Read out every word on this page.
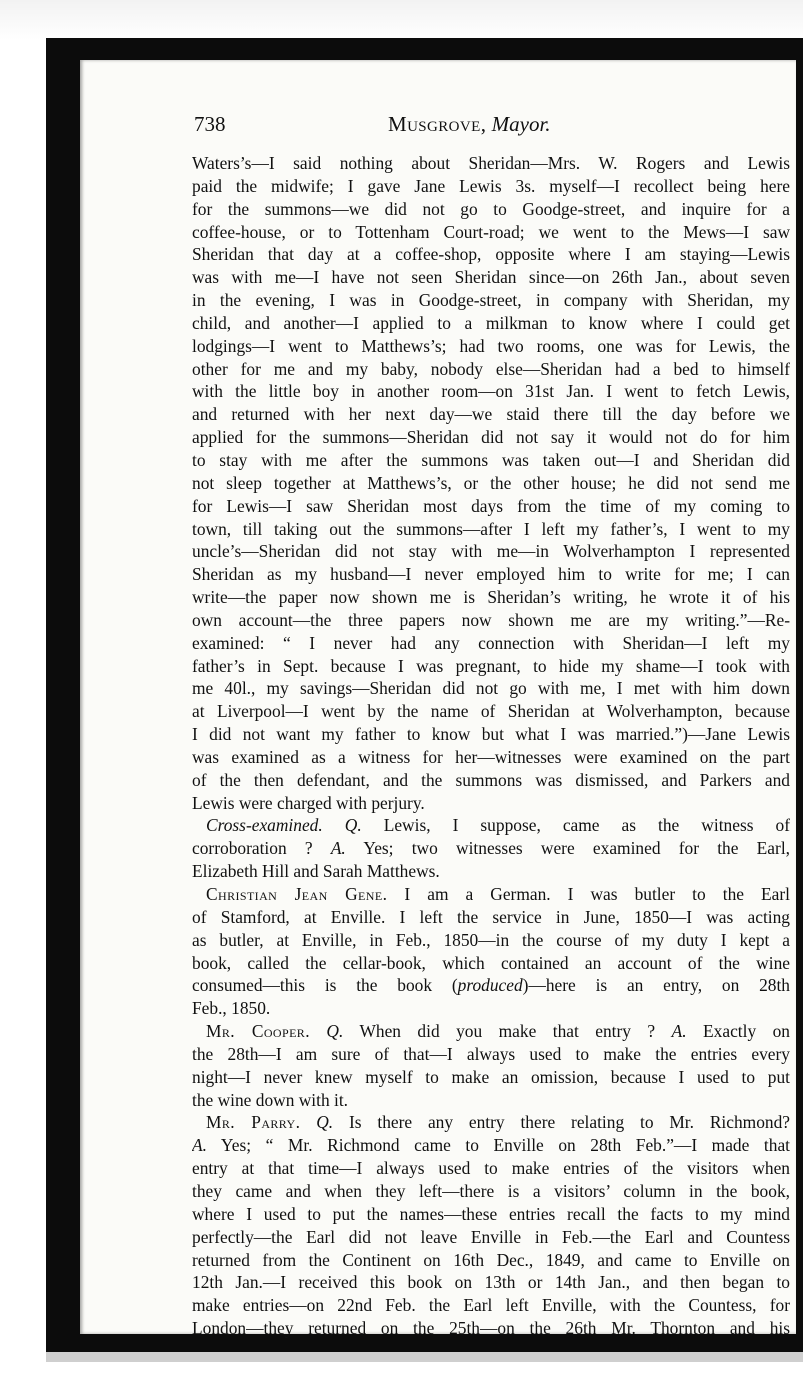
738	Musgrove, Mayor.
Waters’s—I said nothing about Sheridan—Mrs. W. Rogers and Lewis
paid the midwife; I gave Jane Lewis 3s. myself—I recollect being here
for the summons—we did not go to Goodge-street, and inquire for a
coffee-house, or to Tottenham Court-road; we went to the Mews—I saw
Sheridan that day at a coffee-shop, opposite where I am staying—Lewis
was with me—I have not seen Sheridan since—on 26th Jan., about seven
in the evening, I was in Goodge-street, in company with Sheridan, my
child, and another—I applied to a milkman to know where I could get
lodgings—I went to Matthews’s; had two rooms, one was for Lewis, the
other for me and my baby, nobody else—Sheridan had a bed to himself
with the little boy in another room—on 31st Jan. I went to fetch Lewis,
and returned with her next day—we staid there till the day before we
applied for the summons—Sheridan did not say it would not do for him
to stay with me after the summons was taken out—I and Sheridan did
not sleep together at Matthews’s, or the other house; he did not send me
for Lewis—I saw Sheridan most days from the time of my coming to
town, till taking out the summons—after I left my father’s, I went to my
uncle’s—Sheridan did not stay with me—in Wolverhampton I represented
Sheridan as my husband—I never employed him to write for me; I can
write—the paper now shown me is Sheridan’s writing, he wrote it of his
own account—the three papers now shown me are my writing.”—Re-
examined: “ I never had any connection with Sheridan—I left my
father’s in Sept. because I was pregnant, to hide my shame—I took with
me 40l., my savings—Sheridan did not go with me, I met with him down
at Liverpool—I went by the name of Sheridan at Wolverhampton, because
I did not want my father to know but what I was married.”)—Jane Lewis
was examined as a witness for her—witnesses were examined on the part
of the then defendant, and the summons was dismissed, and Parkers and
Lewis were charged with perjury.
Cross-examined. Q. Lewis, I suppose, came as the witness of
corroboration ? A. Yes; two witnesses were examined for the Earl,
Elizabeth Hill and Sarah Matthews.
Christian Jean Gene. I am a German. I was butler to the Earl
of Stamford, at Enville. I left the service in June, 1850—I was acting
as butler, at Enville, in Feb., 1850—in the course of my duty I kept a
book, called the cellar-book, which contained an account of the wine
consumed—this is the book (produced)—here is an entry, on 28th
Feb., 1850.
Mr. Cooper. Q. When did you make that entry ? A. Exactly on
the 28th—I am sure of that—I always used to make the entries every
night—I never knew myself to make an omission, because I used to put
the wine down with it.
Mr. Parry. Q. Is there any entry there relating to Mr. Richmond?
A. Yes; “ Mr. Richmond came to Enville on 28th Feb.”—I made that
entry at that time—I always used to make entries of the visitors when
they came and when they left—there is a visitors’ column in the book,
where I used to put the names—these entries recall the facts to my mind
perfectly—the Earl did not leave Enville in Feb.—the Earl and Countess
returned from the Continent on 16th Dec., 1849, and came to Enville on
12th Jan.—I received this book on 13th or 14th Jan., and then began to
make entries—on 22nd Feb. the Earl left Enville, with the Countess, for
London—they returned on the 25th—on the 26th Mr. Thornton and his
